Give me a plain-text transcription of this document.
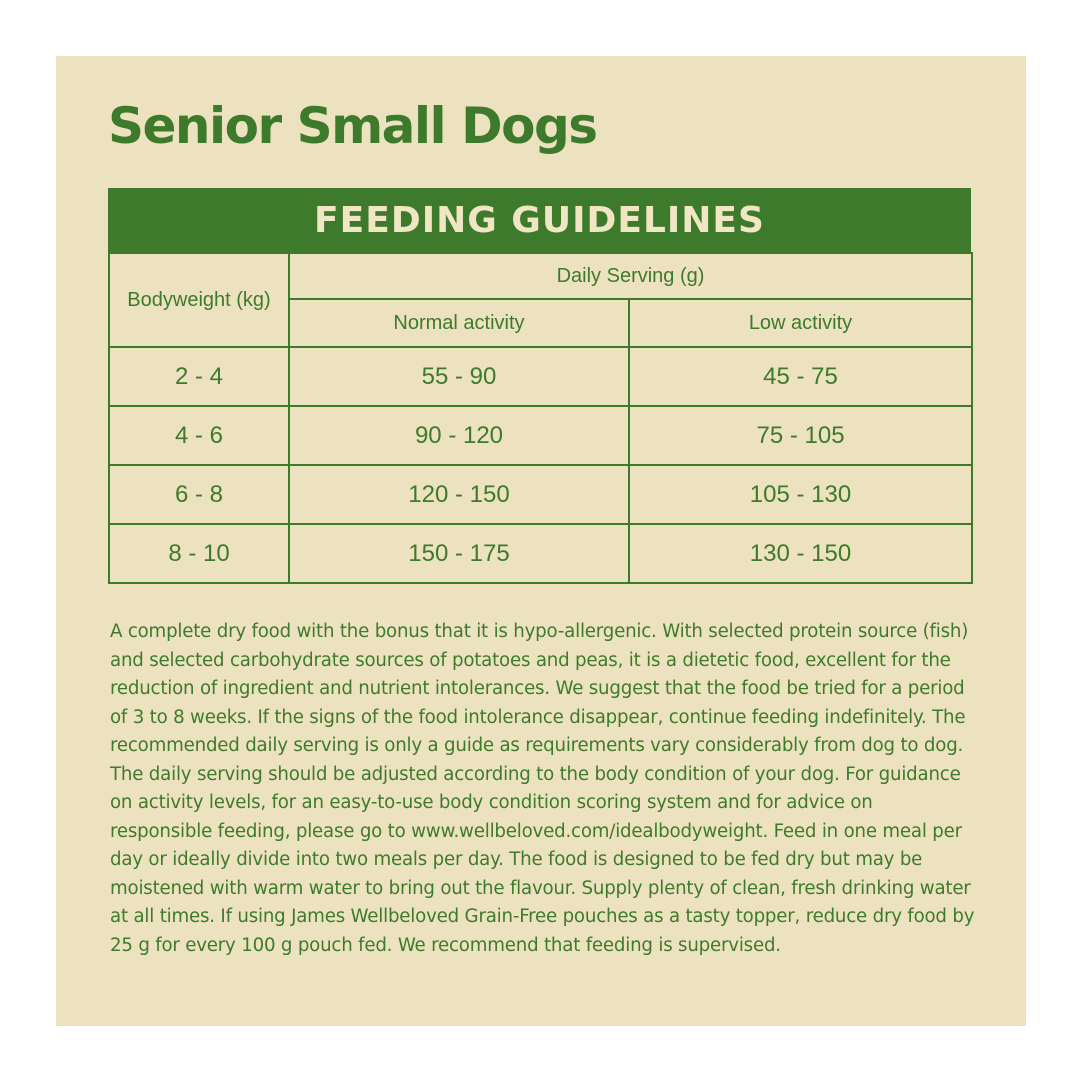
Senior Small Dogs
FEEDING GUIDELINES
Bodyweight (kg)	Daily Serving (g)	
	Normal activity	Low activity
2 - 4	55 - 90	45 - 75
4 - 6	90 - 120	75 - 105
6 - 8	120 - 150	105 - 130
8 - 10	150 - 175	130 - 150

A complete dry food with the bonus that it is hypo-allergenic. With selected protein source (fish) and selected carbohydrate sources of potatoes and peas, it is a dietetic food, excellent for the reduction of ingredient and nutrient intolerances. We suggest that the food be tried for a period of 3 to 8 weeks. If the signs of the food intolerance disappear, continue feeding indefinitely. The recommended daily serving is only a guide as requirements vary considerably from dog to dog. The daily serving should be adjusted according to the body condition of your dog. For guidance on activity levels, for an easy-to-use body condition scoring system and for advice on responsible feeding, please go to www.wellbeloved.com/idealbodyweight. Feed in one meal per day or ideally divide into two meals per day. The food is designed to be fed dry but may be moistened with warm water to bring out the flavour. Supply plenty of clean, fresh drinking water at all times. If using James Wellbeloved Grain-Free pouches as a tasty topper, reduce dry food by 25 g for every 100 g pouch fed. We recommend that feeding is supervised.
